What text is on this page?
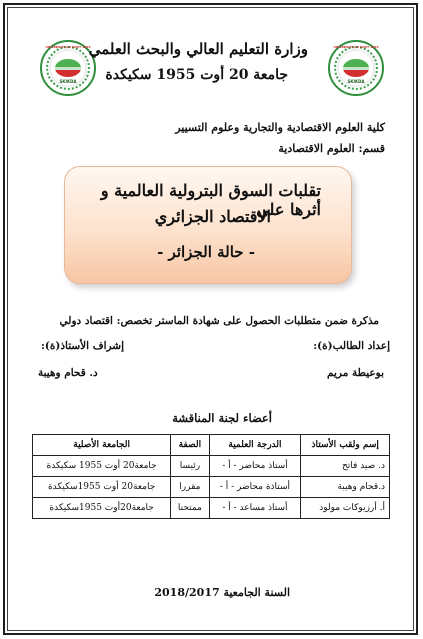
UNIVERSITE 20 AOUT 1955
SKIKDA
UNIVERSITE 20 AOUT 1955
SKIKDA
وزارة التعليم العالي والبحث العلمي
جامعة 20 أوت 1955 سكيكدة
كلية العلوم الاقتصادية والتجارية وعلوم التسيير
قسم: العلوم الاقتصادية
تقلبات السوق البترولية العالمية و أثرها على
الاقتصاد الجزائري
- حالة الجزائر -
مذكرة ضمن متطلبات الحصول على شهادة الماستر تخصص: اقتصاد دولي
إعداد الطالب(ة):
بوعيطة مريم
إشراف الأستاذ(ة):
د. قحام وهيبة
أعضاء لجنة المناقشة
إسم ولقب الأستاذ	الدرجة العلمية	الصفة	الجامعة الأصلية
د. صيد فاتح	أستاذ محاضر - أ -	رئيسا	جامعة20 أوت 1955 سكيكدة
د.قحام وهيبة	أستاذة محاضر - أ -	مقررا	جامعة20 أوت 1955سكيكدة
أ. أرزيوكات مولود	أستاذ مساعد - أ -	ممتحنا	جامعة20أوت 1955سكيكدة
السنة الجامعية 2018/2017
